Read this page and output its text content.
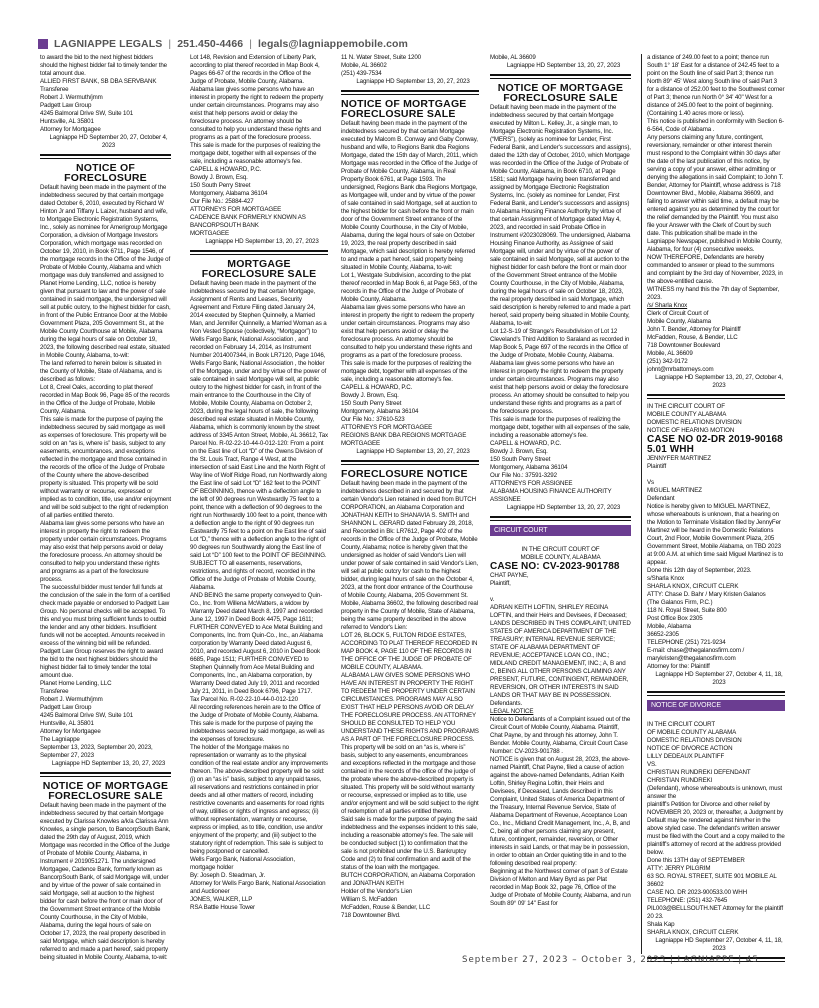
LAGNIAPPE LEGALS | 251.450-4466 | legals@lagniappemobile.com
to award the bid to the next highest bidders should the highest bidder fail to timely tender the total amount due.
ALLIED FIRST BANK, SB DBA SERVBANK
Transferee
Robert J. Wermuth/jmm
Padgett Law Group
4245 Balmoral Drive SW, Suite 101
Huntsville, AL 35801
Attorney for Mortgagee
Lagniappe HD September 20, 27, October 4, 2023
NOTICE OF FORECLOSURE
Default having been made in the payment of the indebtedness secured by that certain mortgage dated October 6, 2010, executed by Richard W Hinton Jr and Tiffany L Laizer, husband and wife, to Mortgage Electronic Registration Systems, Inc., solely as nominee for Amerigroup Mortgage Corporation, a division of Mortgage Investors Corporation, which mortgage was recorded on October 19, 2010, in Book 6711, Page 1546, of the mortgage records in the Office of the Judge of Probate of Mobile County, Alabama and which mortgage was duly transferred and assigned to Planet Home Lending, LLC, notice is hereby given that pursuant to law and the power of sale contained in said mortgage, the undersigned will sell at public outcry, to the highest bidder for cash, in front of the Public Entrance Door at the Mobile Government Plaza, 205 Government St., at the Mobile County Courthouse at Mobile, Alabama during the legal hours of sale on October 19, 2023, the following described real estate, situated in Mobile County, Alabama, to-wit:
The land referred to herein below is situated in the County of Mobile, State of Alabama, and is described as follows:
Lot 8, Creel Oaks, according to plat thereof recorded in Map Book 96, Page 85 of the records in the Office of the Judge of Probate, Mobile County, Alabama.
This sale is made for the purpose of paying the indebtedness secured by said mortgage as well as expenses of foreclosure. This property will be sold on an “as is, where is” basis, subject to any easements, encumbrances, and exceptions reflected in the mortgage and those contained in the records of the office of the Judge of Probate of the County where the above-described property is situated. This property will be sold without warranty or recourse, expressed or implied as to condition, title, use and/or enjoyment and will be sold subject to the right of redemption of all parties entitled thereto.
Alabama law gives some persons who have an interest in property the right to redeem the property under certain circumstances. Programs may also exist that help persons avoid or delay the foreclosure process. An attorney should be consulted to help you understand these rights and programs as a part of the foreclosure process.
The successful bidder must tender full funds at the conclusion of the sale in the form of a certified check made payable or endorsed to Padgett Law Group. No personal checks will be accepted. To this end you must bring sufficient funds to outbid the lender and any other bidders. Insufficient funds will not be accepted. Amounts received in excess of the winning bid will be refunded. Padgett Law Group reserves the right to award the bid to the next highest bidders should the highest bidder fail to timely tender the total amount due.
Planet Home Lending, LLC
Transferee
Robert J. Wermuth/jmm
Padgett Law Group
4245 Balmoral Drive SW, Suite 101
Huntsville, AL 35801
Attorney for Mortgagee
The Lagniappe
September 13, 2023, September 20, 2023, September 27, 2023
Lagniappe HD September 13, 20, 27, 2023
NOTICE OF MORTGAGE FORECLOSURE SALE
Default having been made in the payment of the indebtedness secured by that certain Mortgage executed by Clarissa Knowles a/k/a Clarissa Ann Knowles, a single person, to BancorpSouth Bank, dated the 29th day of August, 2019, which Mortgage was recorded in the Office of the Judge of Probate of Mobile County, Alabama, in Instrument # 2019051271. The undersigned Mortgagee, Cadence Bank, formerly known as BancorpSouth Bank, of said Mortgage will, under and by virtue of the power of sale contained in said Mortgage, sell at auction to the highest bidder for cash before the front or main door of the Government Street entrance of the Mobile County Courthouse, in the City of Mobile, Alabama, during the legal hours of sale on October 17, 2023, the real property described in said Mortgage, which said description is hereby referred to and made a part hereof, said property being situated in Mobile County, Alabama, to-wit:
Lot 148, Revision and Extension of Liberty Park, according to plat thereof recorded in Map Book 4, Pages 66-67 of the records in the Office of the Judge of Probate, Mobile County, Alabama.
Alabama law gives some persons who have an interest in property the right to redeem the property under certain circumstances. Programs may also exist that help persons avoid or delay the foreclosure process. An attorney should be consulted to help you understand these rights and programs as a part of the foreclosure process.
This sale is made for the purposes of realizing the mortgage debt, together with all expenses of the sale, including a reasonable attorney's fee.
CAPELL & HOWARD, P.C.
Bowdy J. Brown, Esq.
150 South Perry Street
Montgomery, Alabama 36104
Our File No.: 25884-427
ATTORNEYS FOR MORTGAGEE
CADENCE BANK FORMERLY KNOWN AS BANCORPSOUTH BANK
MORTGAGEE
Lagniappe HD September 13, 20, 27, 2023
MORTGAGE FORECLOSURE SALE
Default having been made in the payment of the indebtedness secured by that certain Mortgage, Assignment of Rents and Leases, Security Agreement and Fixture Filing dated January 24, 2014 executed by Stephen Quinnelly, a Married Man, and Jennifer Quinnelly, a Married Woman as a Non Vested Spouse (collectively, “Mortgagor”) to Wells Fargo Bank, National Association , and recorded on February 14, 2014, as Instrument Number 2014007344, in Book LR7120, Page 1046, Wells Fargo Bank, National Association , the holder of the Mortgage, under and by virtue of the power of sale contained in said Mortgage will sell, at public outcry to the highest bidder for cash, in front of the main entrance to the Courthouse in the City of Mobile, Mobile County, Alabama on October 2, 2023, during the legal hours of sale, the following described real estate situated in Mobile County, Alabama, which is commonly known by the street address of 3345 Anton Street, Mobile, AL 36612, Tax Parcel No. R-02-22-10-44-0-012-120: From a point on the East line of Lot “D” of the Owens Division of the St. Louis Tract, Range 4 West, at the intersection of said East Line and the North Right of Way line of Wolf Ridge Road, run Northwardly along the East line of said Lot “D” 162 feet to the POINT OF BEGINNING, thence with a deflection angle to the left of 90 degrees run Westwardly 75 feet to a point, thence with a deflection of 90 degrees to the right run Northwardly 100 feet to a point, thence with a deflection angle to the right of 90 degrees run Eastwardly 75 feet to a point on the East line of said Lot “D,” thence with a deflection angle to the right of 90 degrees run Southwardly along the East line of said Lot “D” 100 feet to the POINT OF BEGINNING.
SUBJECT TO all easements, reservations, restrictions, and rights of record, recorded in the Office of the Judge of Probate of Mobile County, Alabama.
AND BEING the same property conveyed to Quin-Co., Inc. from Willena McWatters, a widow by Warranty Deed dated March 8, 1997 and recorded June 12, 1997 in Deed Book 4475, Page 1611; FURTHER CONVEYED to Ace Metal Building and Components, Inc. from Quin-Co., Inc., an Alabama corporation by Warranty Deed dated August 6, 2010, and recorded August 6, 2010 in Deed Book 6685, Page 1511; FURTHER CONVEYED to Stephen Quinnelly from Ace Metal Building and Components, Inc., an Alabama corporation, by Warranty Deed dated July 19, 2011 and recorded July 21, 2011, in Deed Book 6796, Page 1717.
Tax Parcel No. R-02-22-10-44-0-012-120
All recording references herein are to the Office of the Judge of Probate of Mobile County, Alabama. This sale is made for the purpose of paying the indebtedness secured by said mortgage, as well as the expenses of foreclosure.
The holder of the Mortgage makes no representation or warranty as to the physical condition of the real estate and/or any improvements thereon. The above-described property will be sold: (i) on an “as is” basis, subject to any unpaid taxes, all reservations and restrictions contained in prior deeds and all other matters of record, including restrictive covenants and easements for road rights of way, utilities or rights of ingress and egress; (ii) without representation, warranty or recourse, express or implied, as to title, condition, use and/or enjoyment of the property; and (iii) subject to the statutory right of redemption. This sale is subject to being postponed or cancelled.
Wells Fargo Bank, National Association,
mortgage holder
By: Joseph D. Steadman, Jr.
Attorney for Wells Fargo Bank, National Association and Auctioneer
JONES, WALKER, LLP
RSA Battle House Tower
11 N. Water Street, Suite 1200
Mobile, AL 36602
(251) 439-7534
Lagniappe HD September 13, 20, 27, 2023
NOTICE OF MORTGAGE FORECLOSURE SALE
Default having been made in the payment of the indebtedness secured by that certain Mortgage executed by Malcom B. Conway and Gaby Conway, husband and wife, to Regions Bank dba Regions Mortgage, dated the 15th day of March, 2011, which Mortgage was recorded in the Office of the Judge of Probate of Mobile County, Alabama, in Real Property Book 6761, at Page 1593. The undersigned, Regions Bank dba Regions Mortgage, as Mortgagee will, under and by virtue of the power of sale contained in said Mortgage, sell at auction to the highest bidder for cash before the front or main door of the Government Street entrance of the Mobile County Courthouse, in the City of Mobile, Alabama, during the legal hours of sale on October 19, 2023, the real property described in said Mortgage, which said description is hereby referred to and made a part hereof, said property being situated in Mobile County, Alabama, to-wit:
Lot 1, Westgate Subdivision, according to the plat thereof recorded in Map Book 6, at Page 563, of the records in the Office of the Judge of Probate of Mobile County, Alabama.
Alabama law gives some persons who have an interest in property the right to redeem the property under certain circumstances. Programs may also exist that help persons avoid or delay the foreclosure process. An attorney should be consulted to help you understand these rights and programs as a part of the foreclosure process.
This sale is made for the purposes of realizing the mortgage debt, together with all expenses of the sale, including a reasonable attorney's fee.
CAPELL & HOWARD, P.C.
Bowdy J. Brown, Esq.
150 South Perry Street
Montgomery, Alabama 36104
Our File No.: 37610-523
ATTORNEYS FOR MORTGAGEE
REGIONS BANK DBA REGIONS MORTGAGE
MORTGAGEE
Lagniappe HD September 13, 20, 27, 2023
FORECLOSURE NOTICE
Default having been made in the payment of the indebtedness described in and secured by that certain Vendor's Lien retained in deed from BUTCH CORPORATION, an Alabama Corporation and JONATHAN KEITH to SHANAVIA S. SMITH and SHANNON L. GERARD dated February 28, 2018, and Recorded in Bk: LR7612, Page 402 of the records in the Office of the Judge of Probate, Mobile County, Alabama; notice is hereby given that the undersigned as holder of said Vendor's Lien will under power of sale contained in said Vendor's Lien, will sell at public outcry for cash to the highest bidder, during legal hours of sale on the October 4, 2023, at the front door entrance of the Courthouse of Mobile County, Alabama, 205 Government St. Mobile, Alabama 36602, the following described real property in the County of Mobile, State of Alabama, being the same property described in the above referred to Vendor's Lien:
LOT 26, BLOCK 5, FULTON RIDGE ESTATES, ACCORDING TO PLAT THEREOF RECORDED IN MAP BOOK 4, PAGE 110 OF THE RECORDS IN THE OFFICE OF THE JUDGE OF PROBATE OF MOBILE COUNTY, ALABAMA.
ALABAMA LAW GIVES SOME PERSONS WHO HAVE AN INTEREST IN PROPERTY THE RIGHT TO REDEEM THE PROPERTY UNDER CERTAIN CIRCUMSTANCES. PROGRAMS MAY ALSO EXIST THAT HELP PERSONS AVOID OR DELAY THE FORECLOSURE PROCESS. AN ATTORNEY SHOULD BE CONSULTED TO HELP YOU UNDERSTAND THESE RIGHTS AND PROGRAMS AS A PART OF THE FORECLOSURE PROCESS.
This property will be sold on an “as is, where is” basis, subject to any easements, encumbrances and exceptions reflected in the mortgage and those contained in the records of the office of the judge of the probate where the above-described property is situated. This property will be sold without warranty or recourse, expressed or implied as to title, use and/or enjoyment and will be sold subject to the right of redemption of all parties entitled thereto.
Said sale is made for the purpose of paying the said indebtedness and the expenses incident to this sale, including a reasonable attorney's fee. The sale will be conducted subject (1) to confirmation that the sale is not prohibited under the U.S. Bankruptcy Code and (2) to final confirmation and audit of the status of the loan with the mortgagee.
BUTCH CORPORATION, an Alabama Corporation and JONATHAN KEITH
Holder of the Vendor's Lien
William S. McFadden
McFadden, Rouse & Bender, LLC
718 Downtowner Blvd.
Mobile, AL 36609
Lagniappe HD September 13, 20, 27, 2023
NOTICE OF MORTGAGE FORECLOSURE SALE
Default having been made in the payment of the indebtedness secured by that certain Mortgage executed by Milton L. Kelley, Jr., a single man, to Mortgage Electronic Registration Systems, Inc. (“MERS”), (solely as nominee for Lender, First Federal Bank, and Lender's successors and assigns), dated the 12th day of October, 2010, which Mortgage was recorded in the Office of the Judge of Probate of Mobile County, Alabama, in Book 6710, at Page 1581; said Mortgage having been transferred and assigned by Mortgage Electronic Registration Systems, Inc. (solely as nominee for Lender, First Federal Bank, and Lender's successors and assigns) to Alabama Housing Finance Authority by virtue of that certain Assignment of Mortgage dated May 4, 2023, and recorded in said Probate Office in Instrument #2023028069. The undersigned, Alabama Housing Finance Authority, as Assignee of said Mortgage will, under and by virtue of the power of sale contained in said Mortgage, sell at auction to the highest bidder for cash before the front or main door of the Government Street entrance of the Mobile County Courthouse, in the City of Mobile, Alabama, during the legal hours of sale on October 18, 2023, the real property described in said Mortgage, which said description is hereby referred to and made a part hereof, said property being situated in Mobile County, Alabama, to-wit:
Lot 12-S-19 of Strange's Resubdivision of Lot 12 Cleveland's Third Addition to Saraland as recorded in Map Book 5, Page 697 of the records in the Office of the Judge of Probate, Mobile County, Alabama.
Alabama law gives some persons who have an interest in property the right to redeem the property under certain circumstances. Programs may also exist that help persons avoid or delay the foreclosure process. An attorney should be consulted to help you understand these rights and programs as a part of the foreclosure process.
This sale is made for the purposes of realizing the mortgage debt, together with all expenses of the sale, including a reasonable attorney's fee.
CAPELL & HOWARD, P.C.
Bowdy J. Brown, Esq.
150 South Perry Street
Montgomery, Alabama 36104
Our File No.: 37591-3292
ATTORNEYS FOR ASSIGNEE
ALABAMA HOUSING FINANCE AUTHORITY
ASSIGNEE
Lagniappe HD September 13, 20, 27, 2023
CIRCUIT COURT
IN THE CIRCUIT COURT OF
MOBILE COUNTY, ALABAMA
CASE NO: CV-2023-901788
CHAT PAYNE,
Plaintiff,
v.
ADRIAN KEITH LOFTIN, SHIRLEY REGINA LOFTIN, and their Heirs and Devisees, if Deceased; LANDS DESCRIBED IN THIS COMPLAINT; UNITED STATES OF AMERICA DEPARTMENT OF THE TREASURY; INTERNAL REVENUE SERVICE; STATE OF ALABAMA DEPARTMENT OF REVENUE; ACCEPTANCE LOAN CO., INC.; MIDLAND CREDIT MANAGEMENT, INC.; A, B and C, BEING ALL OTHER PERSONS CLAIMING ANY PRESENT, FUTURE, CONTINGENT, REMAINDER, REVERSION, OR OTHER INTERESTS IN SAID LANDS OR THAT MAY BE IN POSSESSION.
Defendants.
LEGAL NOTICE
Notice to Defendants of a Complaint issued out of the Circuit Court of Mobile County, Alabama. Plaintiff, Chat Payne, by and through his attorney, John T. Bender. Mobile County, Alabama, Circuit Court Case Number: CV-2023-901788 .
NOTICE is given that on August 28, 2023, the above-named Plaintiff, Chat Payne, filed a cause of action against the above-named Defendants, Adrian Keith Loftin, Shirley Regina Loftin, their Heirs and Devisees, if Deceased, Lands described in this Complaint, United States of America Department of the Treasury, Internal Revenue Service, State of Alabama Department of Revenue, Acceptance Loan Co., Inc., Midland Credit Management, Inc., A, B, and C, being all other persons claiming any present, future, contingent, remainder, reversion, or Other interests in said Lands, or that may be in possession, in order to obtain an Order quieting title in and to the following described real property:
Beginning at the Northwest corner of part 3 of Estate Division of Melton and Mary Byrd as per Plat recorded in Map Book 32, page 76, Office of the Judge of Probate of Mobile County, Alabama, and run South 89° 09' 14" East for
a distance of 249.00 feet to a point; thence run South 1° 18' East for a distance of 242.45 feet to a point on the South line of said Part 3; thence run North 89° 45' West along South line of said Part 3 for a distance of 252.00 feet to the Southwest corner of Part 3; thence run North 0° 34' 40" West for a distance of 245.00 feet to the point of beginning. (Containing 1.40 acres more or less).
This notice is published in conformity with Section 6-6-564, Code of Alabama .
Any persons claiming any future, contingent, reversionary, remainder or other interest therein must respond to the Complaint within 30 days after the date of the last publication of this notice, by serving a copy of your answer, either admitting or denying the allegations in said Complaint; to John T. Bender, Attorney for Plaintiff, whose address is 718 Downtowner Blvd., Mobile, Alabama 36609, and failing to answer within said time, a default may be entered against you as determined by the court for the relief demanded by the Plaintiff. You must also file your Answer with the Clerk of Court by such date. This publication shall be made in the Lagniappe Newspaper, published in Mobile County, Alabama, for four (4) consecutive weeks.
NOW THEREFORE, Defendants are hereby commanded to answer or plead to the summons and complaint by the 3rd day of November, 2023, in the above-entitled cause.
WITNESS my hand this the 7th day of September, 2023.
/s/ Sharla Knox
Clerk of Circuit Court of
Mobile County, Alabama
John T. Bender, Attorney for Plaintiff
McFadden, Rouse, & Bender, LLC
718 Downtowner Boulevard
Mobile, AL 36609
(251) 342-9172
johnt@mrbattorneys.com
Lagniappe HD September 13, 20, 27, October 4, 2023
IN THE CIRCUIT COURT OF
MOBILE COUNTY ALABAMA
DOMESTIC RELATIONS DIVISION
NOTICE OF HEARING MOTION
CASE NO 02-DR 2019-90168 5.01 WHH
JENNYFER MARTINEZ
Plaintiff
Vs
MIGUEL MARTINEZ
Defendant
Notice is hereby given to MIGUEL MARTINEZ, whose whereabouts is unknown, that a hearing on the Motion to Terminate Visitation filed by JennyFer Martinez will be heard in the Domestic Relations Court, 2nd Floor, Mobile Government Plaza, 205 Government Street, Mobile Alabama, on TBD 2023 at 9:00 A.M. at which time said Miguel Martinez is to appear.
Done this 12th day of September, 2023.
s/Sharla Knox
SHARLA KNOX, CIRCUIT CLERK
ATTY: Chase D. Bahr / Mary Kristen Galanos
(The Galanos Firm, P.C.)
118 N. Royal Street, Suite 800
Post Office Box 2305
Mobile, Alabama
36652-2305
TELEPHONE (251) 721-9234
E-mail: chase@thegalanosfirm.com / marykristen@thegalanosfirm.com
Attorney for the: Plaintiff
Lagniappe HD September 27, October 4, 11, 18, 2023
NOTICE OF DIVORCE
IN THE CIRCUIT COURT
OF MOBILE COUNTY ALABAMA
DOMESTIC RELATIONS DIVISION
NOTICE OF DIVORCE ACTION
LILLY DEDEAUX PLAINTIFF
VS.
CHRISTIAN RUNDREKI DEFENDANT
CHRISTIAN RUNDREKI
(Defendant), whose whereabouts is unknown, must answer the
plaintiff's Petition for Divorce and other relief by NOVEMBER 20, 2023 or, thereafter, a Judgment by Default may be rendered against him/her in the above styled case. The defendant's written answer must be filed with the Court and a copy mailed to the plaintiff's attorney of record at the address provided below.
Done this 13TH day of SEPTEMBER
ATTY: JERRY PILGRIM
63 SO. ROYAL STREET, SUITE 901 MOBILE AL 36602
CASE NO. DR 2023-900533.00 WHH
TELEPHONE: (251) 432-7645 PIL003@BELLSOUTH.NET Attorney for the plaintiff
20 23.
Shala Kap
SHARLA KNOX, CIRCUIT CLERK
Lagniappe HD September 27, October 4, 11, 18, 2023
September 27, 2023 – October 3, 2023 | LAGNIAPPE | 45
